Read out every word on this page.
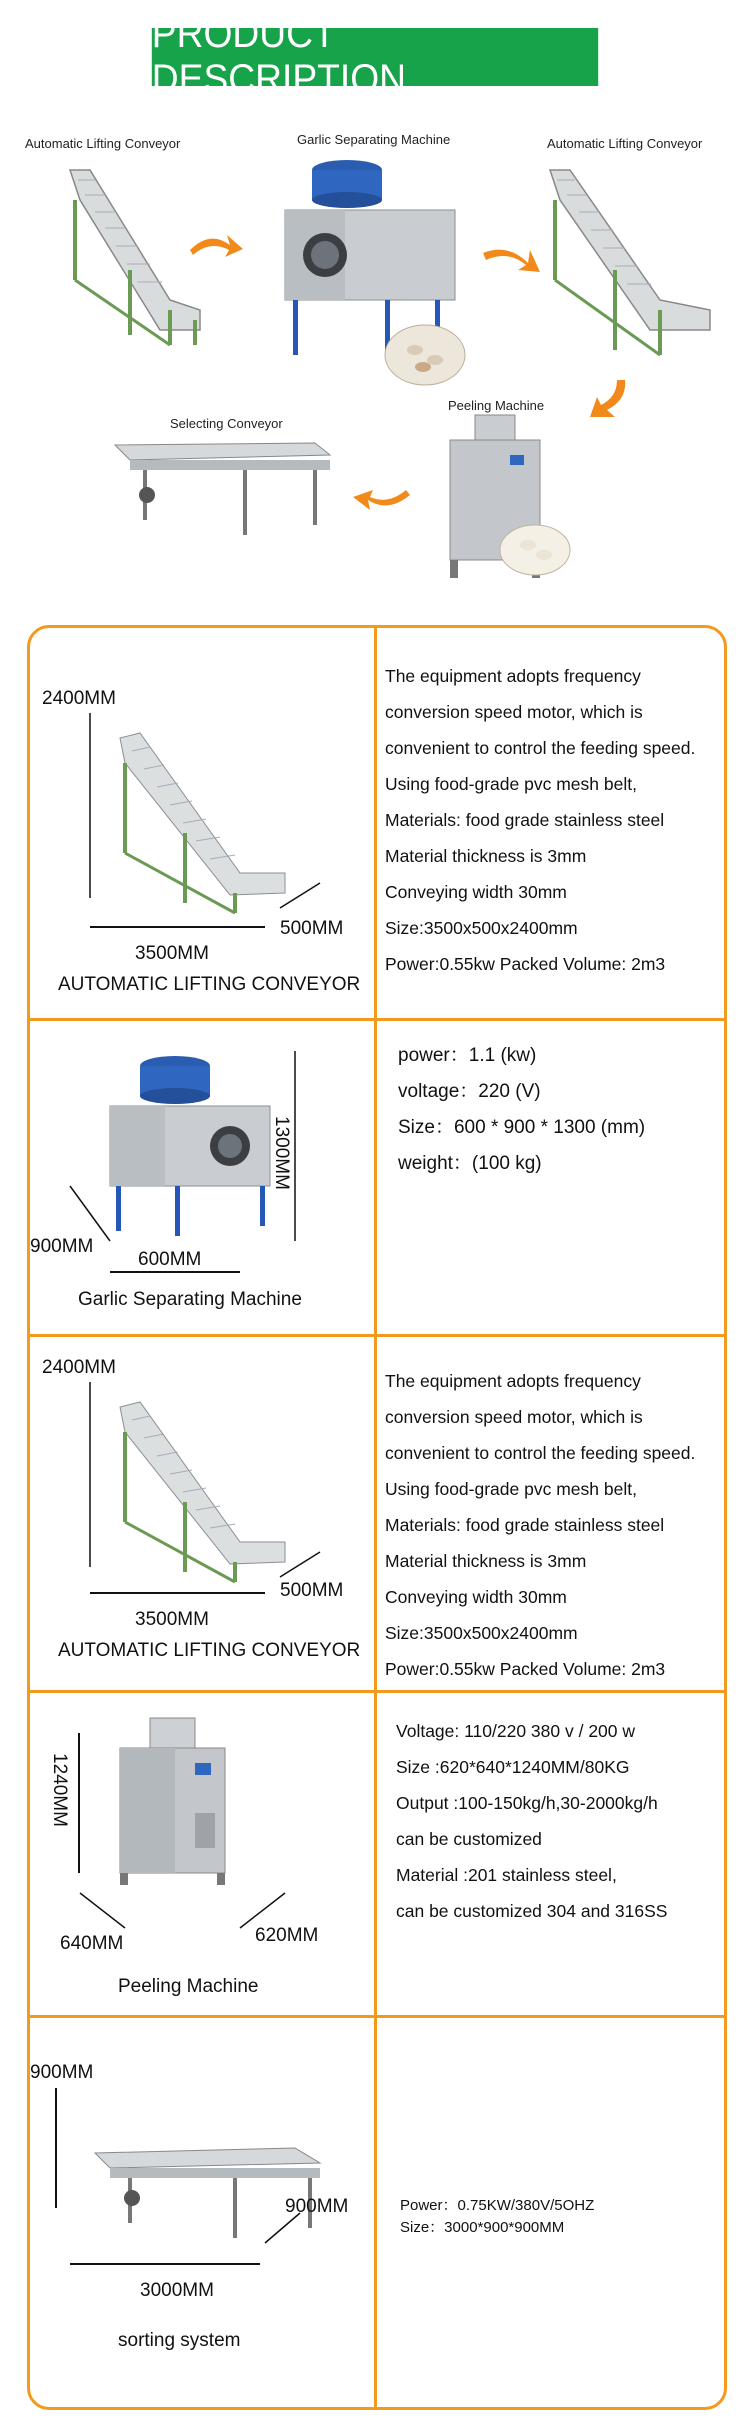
PRODUCT DESCRIPTION
Automatic Lifting Conveyor	Garlic Separating Machine	Automatic Lifting Conveyor
Peeling Machine
Selecting Conveyor
2400MM
500MM
3500MM
AUTOMATIC LIFTING CONVEYOR
The equipment adopts frequency
conversion speed motor, which is
convenient to control the feeding speed.
Using food-grade pvc mesh belt,
Materials: food grade stainless steel
Material thickness is 3mm
Conveying width 30mm
Size:3500x500x2400mm
Power:0.55kw Packed Volume: 2m3
1300MM
900MM
600MM
Garlic Separating Machine
power：1.1 (kw)
voltage：220 (V)
Size：600 * 900 * 1300 (mm)
weight：(100 kg)
2400MM
500MM
3500MM
AUTOMATIC LIFTING CONVEYOR
The equipment adopts frequency
conversion speed motor, which is
convenient to control the feeding speed.
Using food-grade pvc mesh belt,
Materials: food grade stainless steel
Material thickness is 3mm
Conveying width 30mm
Size:3500x500x2400mm
Power:0.55kw Packed Volume: 2m3
1240MM
640MM	620MM
Peeling Machine
Voltage: 110/220 380 v / 200 w
Size :620*640*1240MM/80KG
Output :100-150kg/h,30-2000kg/h
can be customized
Material :201 stainless steel,
can be customized 304 and 316SS
900MM
900MM
3000MM
sorting system
Power：0.75KW/380V/5OHZ
Size：3000*900*900MM
